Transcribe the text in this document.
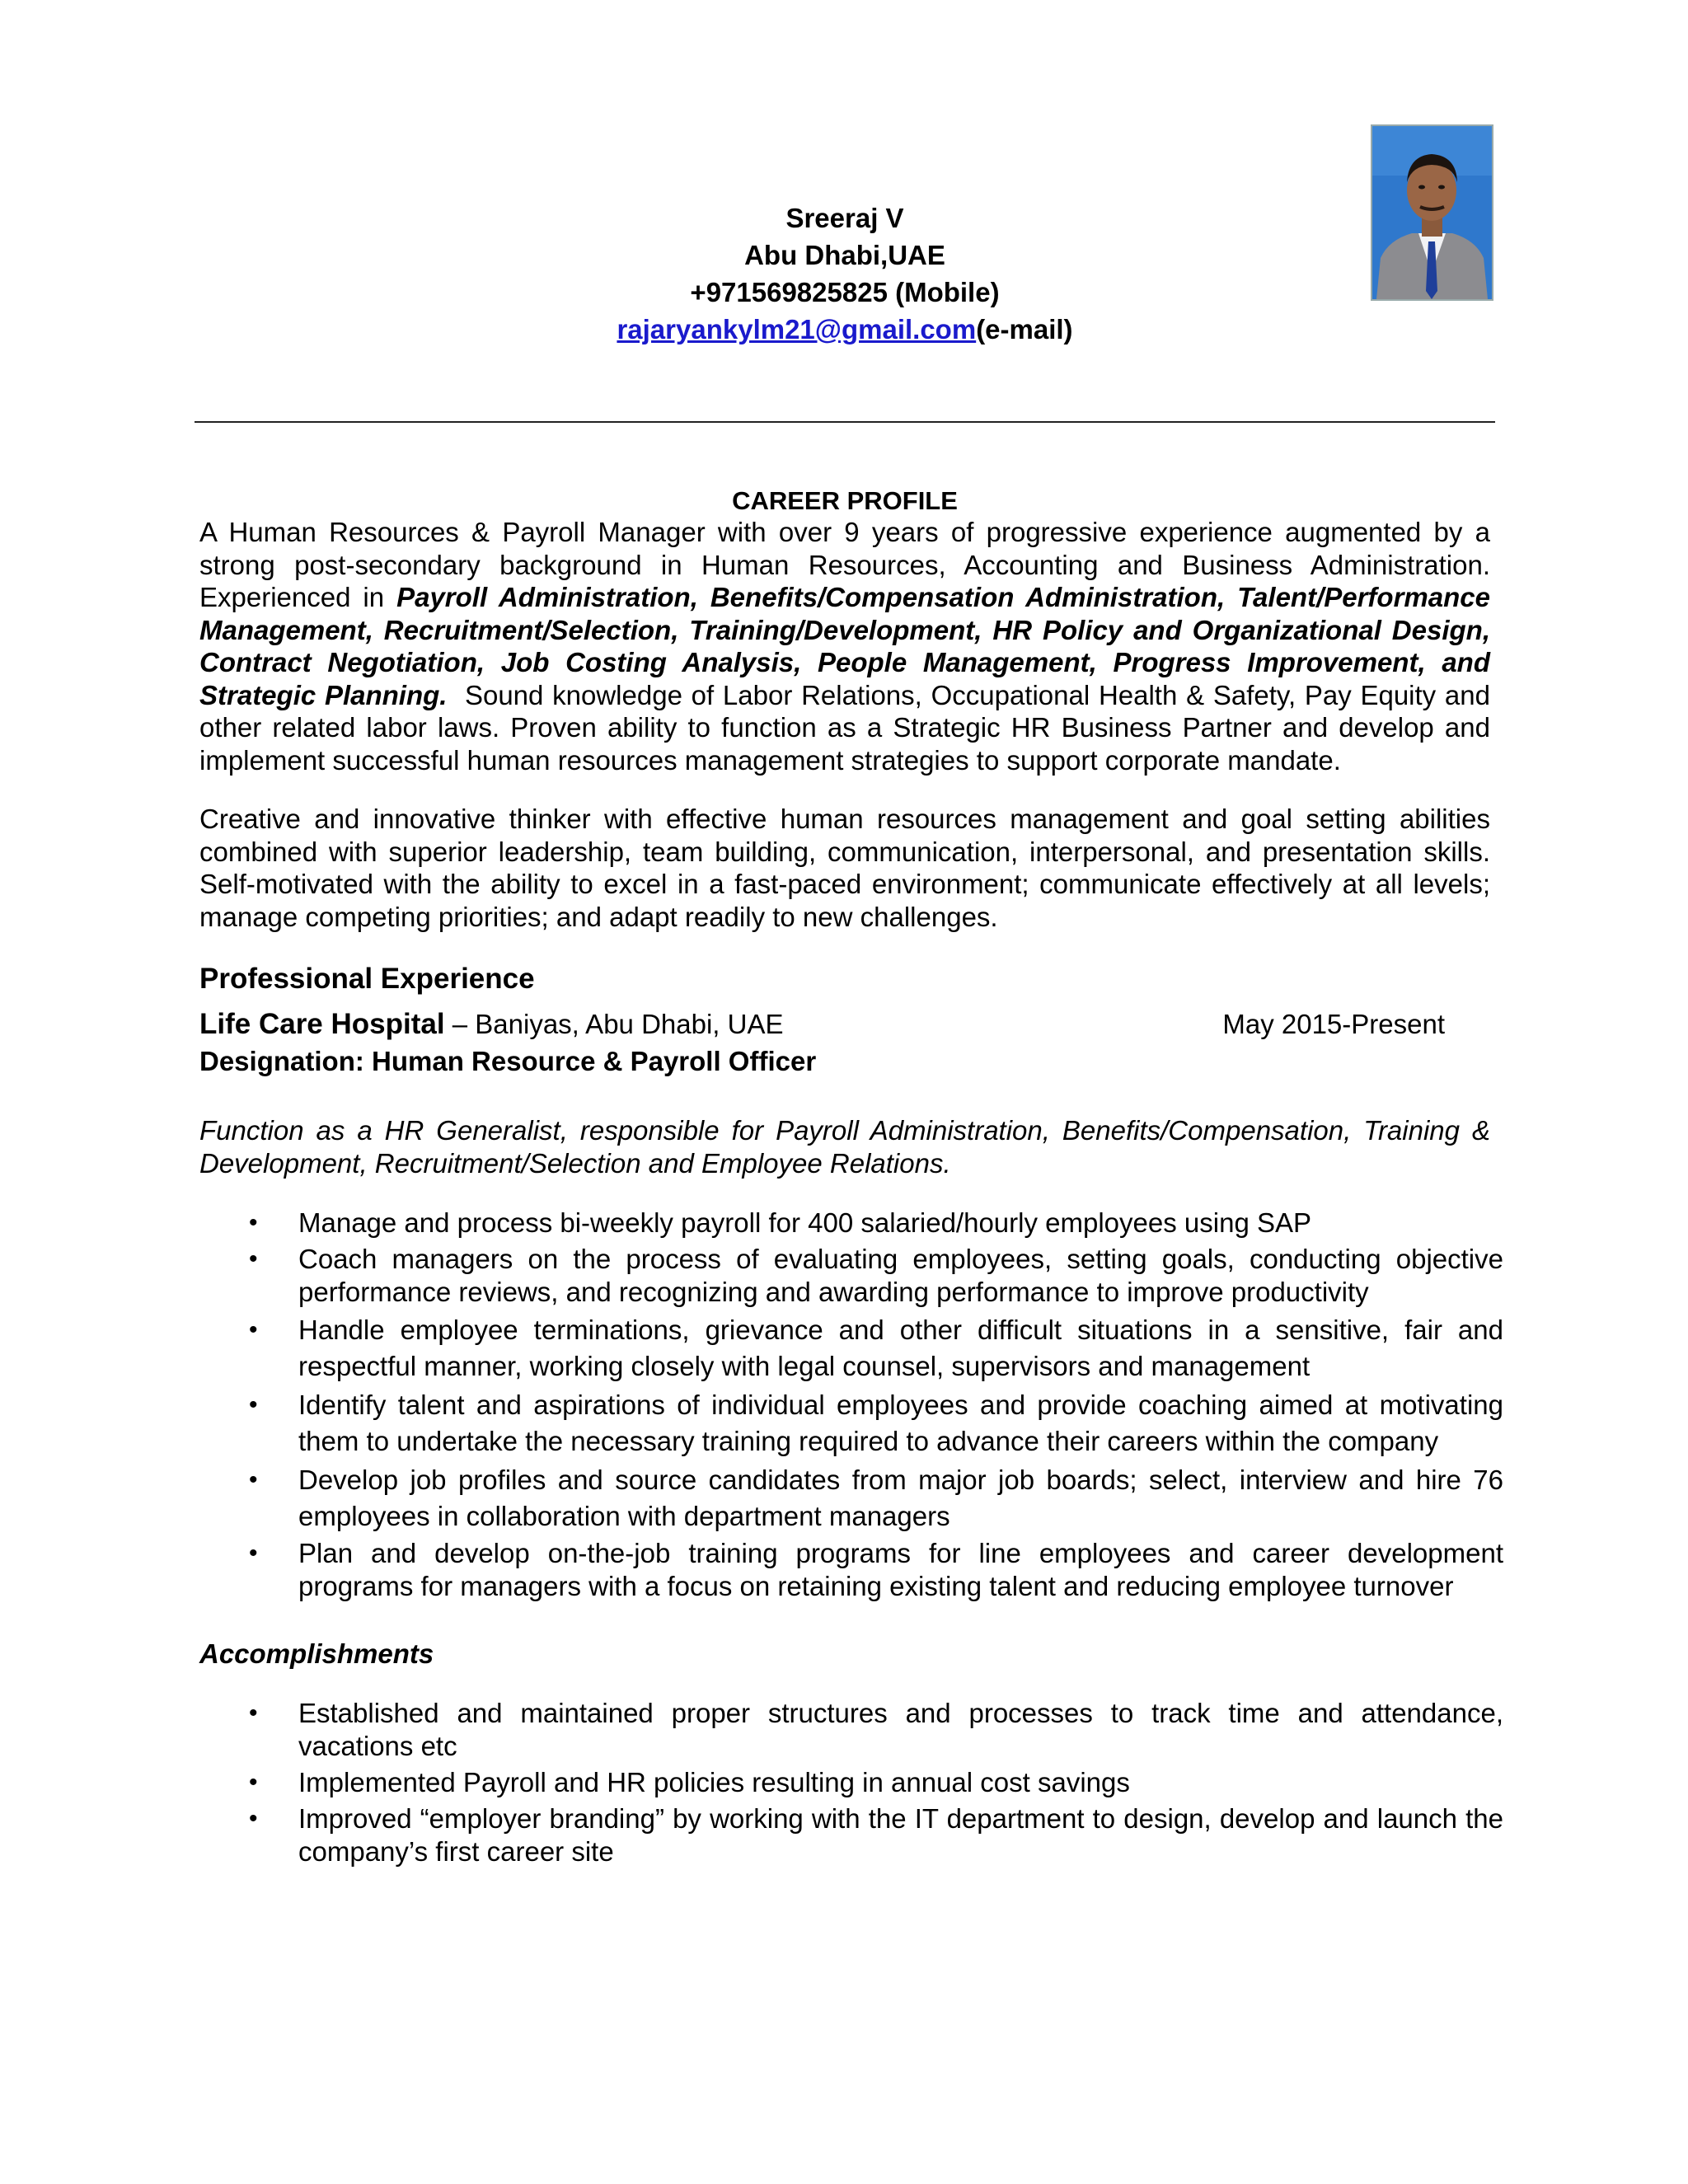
Sreeraj V
Abu Dhabi,UAE
+971569825825 (Mobile)
rajaryankylm21@gmail.com(e-mail)
CAREER PROFILE

A Human Resources & Payroll Manager with over 9 years of progressive experience augmented by a strong post-secondary background in Human Resources, Accounting and Business Administration. Experienced in Payroll Administration, Benefits/Compensation Administration, Talent/Performance Management, Recruitment/Selection, Training/Development, HR Policy and Organizational Design, Contract Negotiation, Job Costing Analysis, People Management, Progress Improvement, and Strategic Planning.  Sound knowledge of Labor Relations, Occupational Health & Safety, Pay Equity and other related labor laws. Proven ability to function as a Strategic HR Business Partner and develop and implement successful human resources management strategies to support corporate mandate.

Creative and innovative thinker with effective human resources management and goal setting abilities combined with superior leadership, team building, communication, interpersonal, and presentation skills. Self-motivated with the ability to excel in a fast-paced environment; communicate effectively at all levels; manage competing priorities; and adapt readily to new challenges.

Professional Experience
Life Care Hospital – Baniyas, Abu Dhabi, UAE	May 2015-Present
Designation: Human Resource & Payroll Officer
Function as a HR Generalist, responsible for Payroll Administration, Benefits/Compensation, Training & Development, Recruitment/Selection and Employee Relations.
• Manage and process bi-weekly payroll for 400 salaried/hourly employees using SAP
• Coach managers on the process of evaluating employees, setting goals, conducting objective performance reviews, and recognizing and awarding performance to improve productivity
• Handle employee terminations, grievance and other difficult situations in a sensitive, fair and respectful manner, working closely with legal counsel, supervisors and management
• Identify talent and aspirations of individual employees and provide coaching aimed at motivating them to undertake the necessary training required to advance their careers within the company
• Develop job profiles and source candidates from major job boards; select, interview and hire 76 employees in collaboration with department managers
• Plan and develop on-the-job training programs for line employees and career development programs for managers with a focus on retaining existing talent and reducing employee turnover
Accomplishments
• Established and maintained proper structures and processes to track time and attendance, vacations etc
• Implemented Payroll and HR policies resulting in annual cost savings
• Improved “employer branding” by working with the IT department to design, develop and launch the company’s first career site
